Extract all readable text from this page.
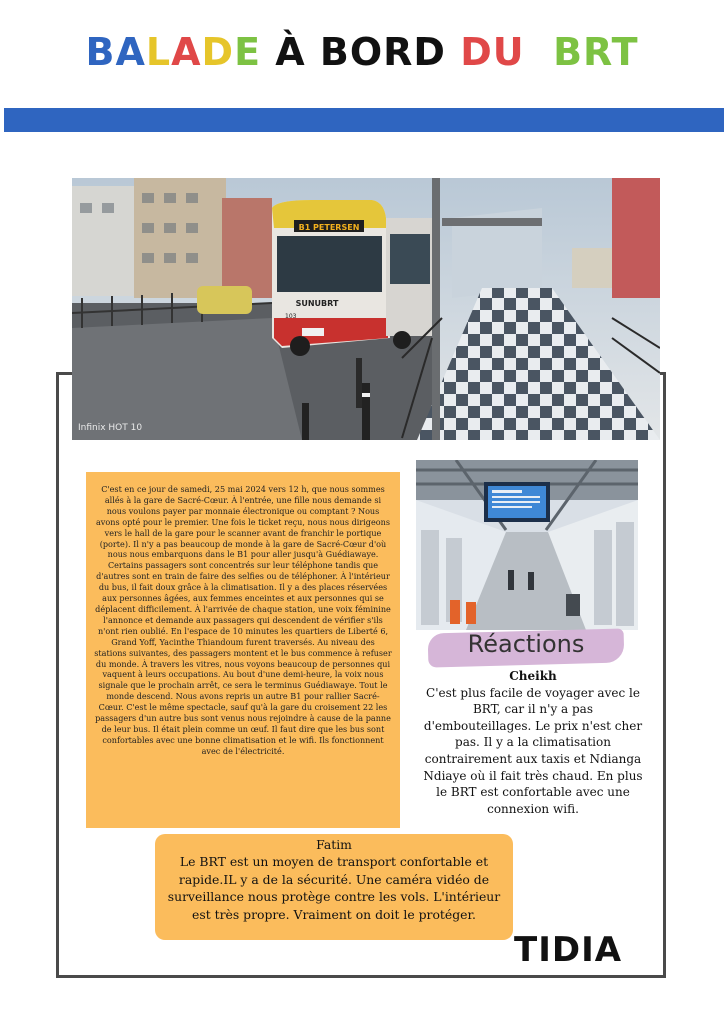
BALADE À BORD DU  BRT
B1 PETERSEN
SUNUBRT
103
Infinix HOT 10
C'est en ce jour de samedi, 25 mai 2024 vers 12 h, que nous sommes allés à la gare de Sacré-Cœur. À l'entrée, une fille nous demande si nous voulons payer par monnaie électronique ou comptant ? Nous avons opté pour le premier. Une fois le ticket reçu, nous nous dirigeons vers le hall de la gare pour le scanner avant de franchir le portique (porte). Il n'y a pas beaucoup de monde à la gare de Sacré-Cœur d'où nous nous embarquons dans le B1 pour aller jusqu'à Guédiawaye. Certains passagers sont concentrés sur leur téléphone tandis que d'autres sont en train de faire des selfies ou de téléphoner. À l'intérieur du bus, il fait doux grâce à la climatisation. Il y a des places réservées aux personnes âgées, aux femmes enceintes et aux personnes qui se déplacent difficilement. À l'arrivée de chaque station, une voix féminine l'annonce et demande aux passagers qui descendent de vérifier s'ils n'ont rien oublié. En l'espace de 10 minutes les quartiers de Liberté 6, Grand Yoff, Yacinthe Thiandoum furent traversés. Au niveau des stations suivantes, des passagers montent et le bus commence à refuser du monde. À travers les vitres, nous voyons beaucoup de personnes qui vaquent à leurs occupations. Au bout d'une demi-heure, la voix nous signale que le prochain arrêt, ce sera le terminus Guédiawaye. Tout le monde descend. Nous avons repris un autre B1 pour rallier Sacré-Cœur. C'est le même spectacle, sauf qu'à la gare du croisement 22 les passagers d'un autre bus sont venus nous rejoindre à cause de la panne de leur bus. Il était plein comme un œuf. Il faut dire que les bus sont confortables avec une bonne climatisation et le wifi. Ils fonctionnent avec de l'électricité.
Réactions
Cheikh
C'est plus facile de voyager avec le BRT, car il n'y a pas d'embouteillages. Le prix n'est cher pas. Il y a la climatisation contrairement aux taxis et Ndianga Ndiaye où il fait très chaud. En plus le BRT est confortable avec une connexion wifi.
Fatim
Le BRT est un moyen de transport confortable et rapide.IL y a de la sécurité. Une caméra vidéo de surveillance nous protège contre les vols. L'intérieur est très propre. Vraiment on doit le protéger.
TIDIA
